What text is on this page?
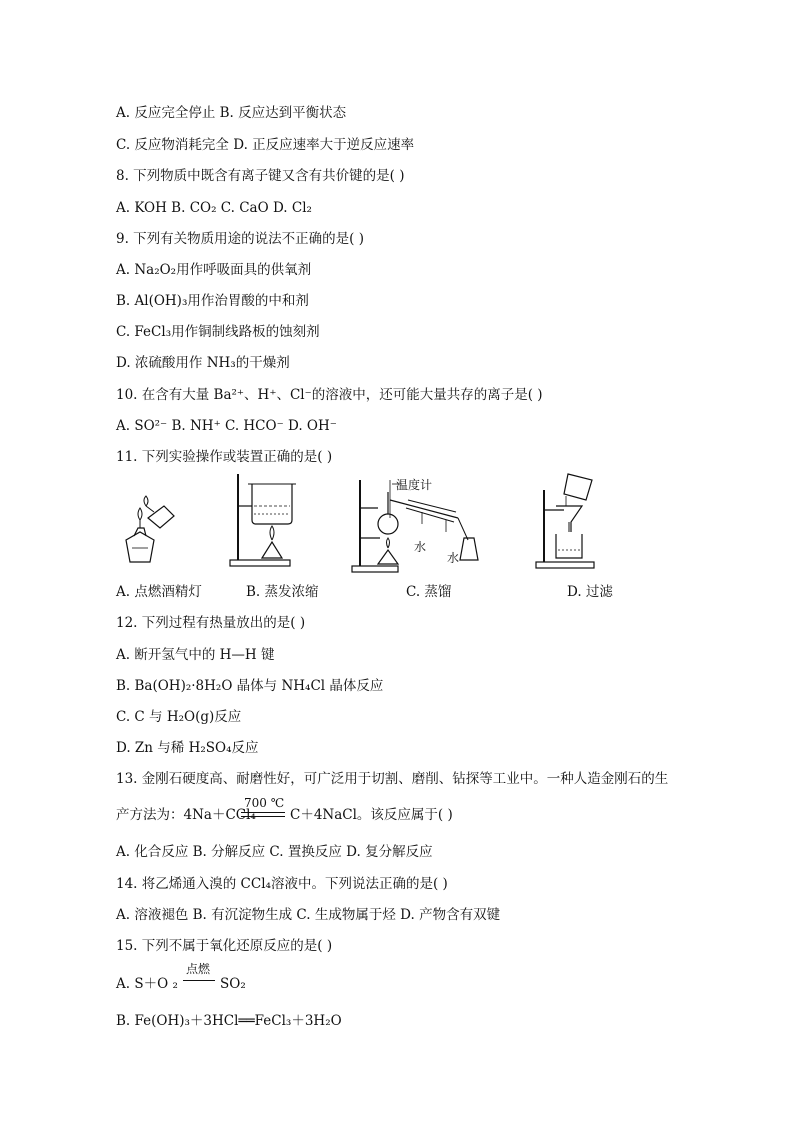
A. 反应完全停止 B. 反应达到平衡状态
C. 反应物消耗完全 D. 正反应速率大于逆反应速率
8. 下列物质中既含有离子键又含有共价键的是( )
A. KOH B. CO₂ C. CaO D. Cl₂
9. 下列有关物质用途的说法不正确的是( )
A. Na₂O₂用作呼吸面具的供氧剂
B. Al(OH)₃用作治胃酸的中和剂
C. FeCl₃用作铜制线路板的蚀刻剂
D. 浓硫酸用作 NH₃的干燥剂
10. 在含有大量 Ba²⁺、H⁺、Cl⁻的溶液中，还可能大量共存的离子是( )
A. SO²⁻ B. NH⁺ C. HCO⁻ D. OH⁻
11. 下列实验操作或装置正确的是( )
12. 下列过程有热量放出的是( )
A. 断开氢气中的 H—H 键
B. Ba(OH)₂·8H₂O 晶体与 NH₄Cl 晶体反应
C. C 与 H₂O(g)反应
D. Zn 与稀 H₂SO₄反应
13. 金刚石硬度高、耐磨性好，可广泛用于切割、磨削、钻探等工业中。一种人造金刚石的生
14. 将乙烯通入溴的 CCl₄溶液中。下列说法正确的是( )
A. 溶液褪色 B. 有沉淀物生成 C. 生成物属于烃 D. 产物含有双键
15. 下列不属于氧化还原反应的是( )
B. Fe(OH)₃＋3HCl══FeCl₃＋3H₂O
温度计
水
水
A. 点燃酒精灯	B. 蒸发浓缩	C. 蒸馏	D. 过滤
产方法为：4Na＋CCl₄
700 ℃
C＋4NaCl。该反应属于( )
A. 化合反应 B. 分解反应 C. 置换反应 D. 复分解反应
A. S＋O ₂
点燃
SO₂
